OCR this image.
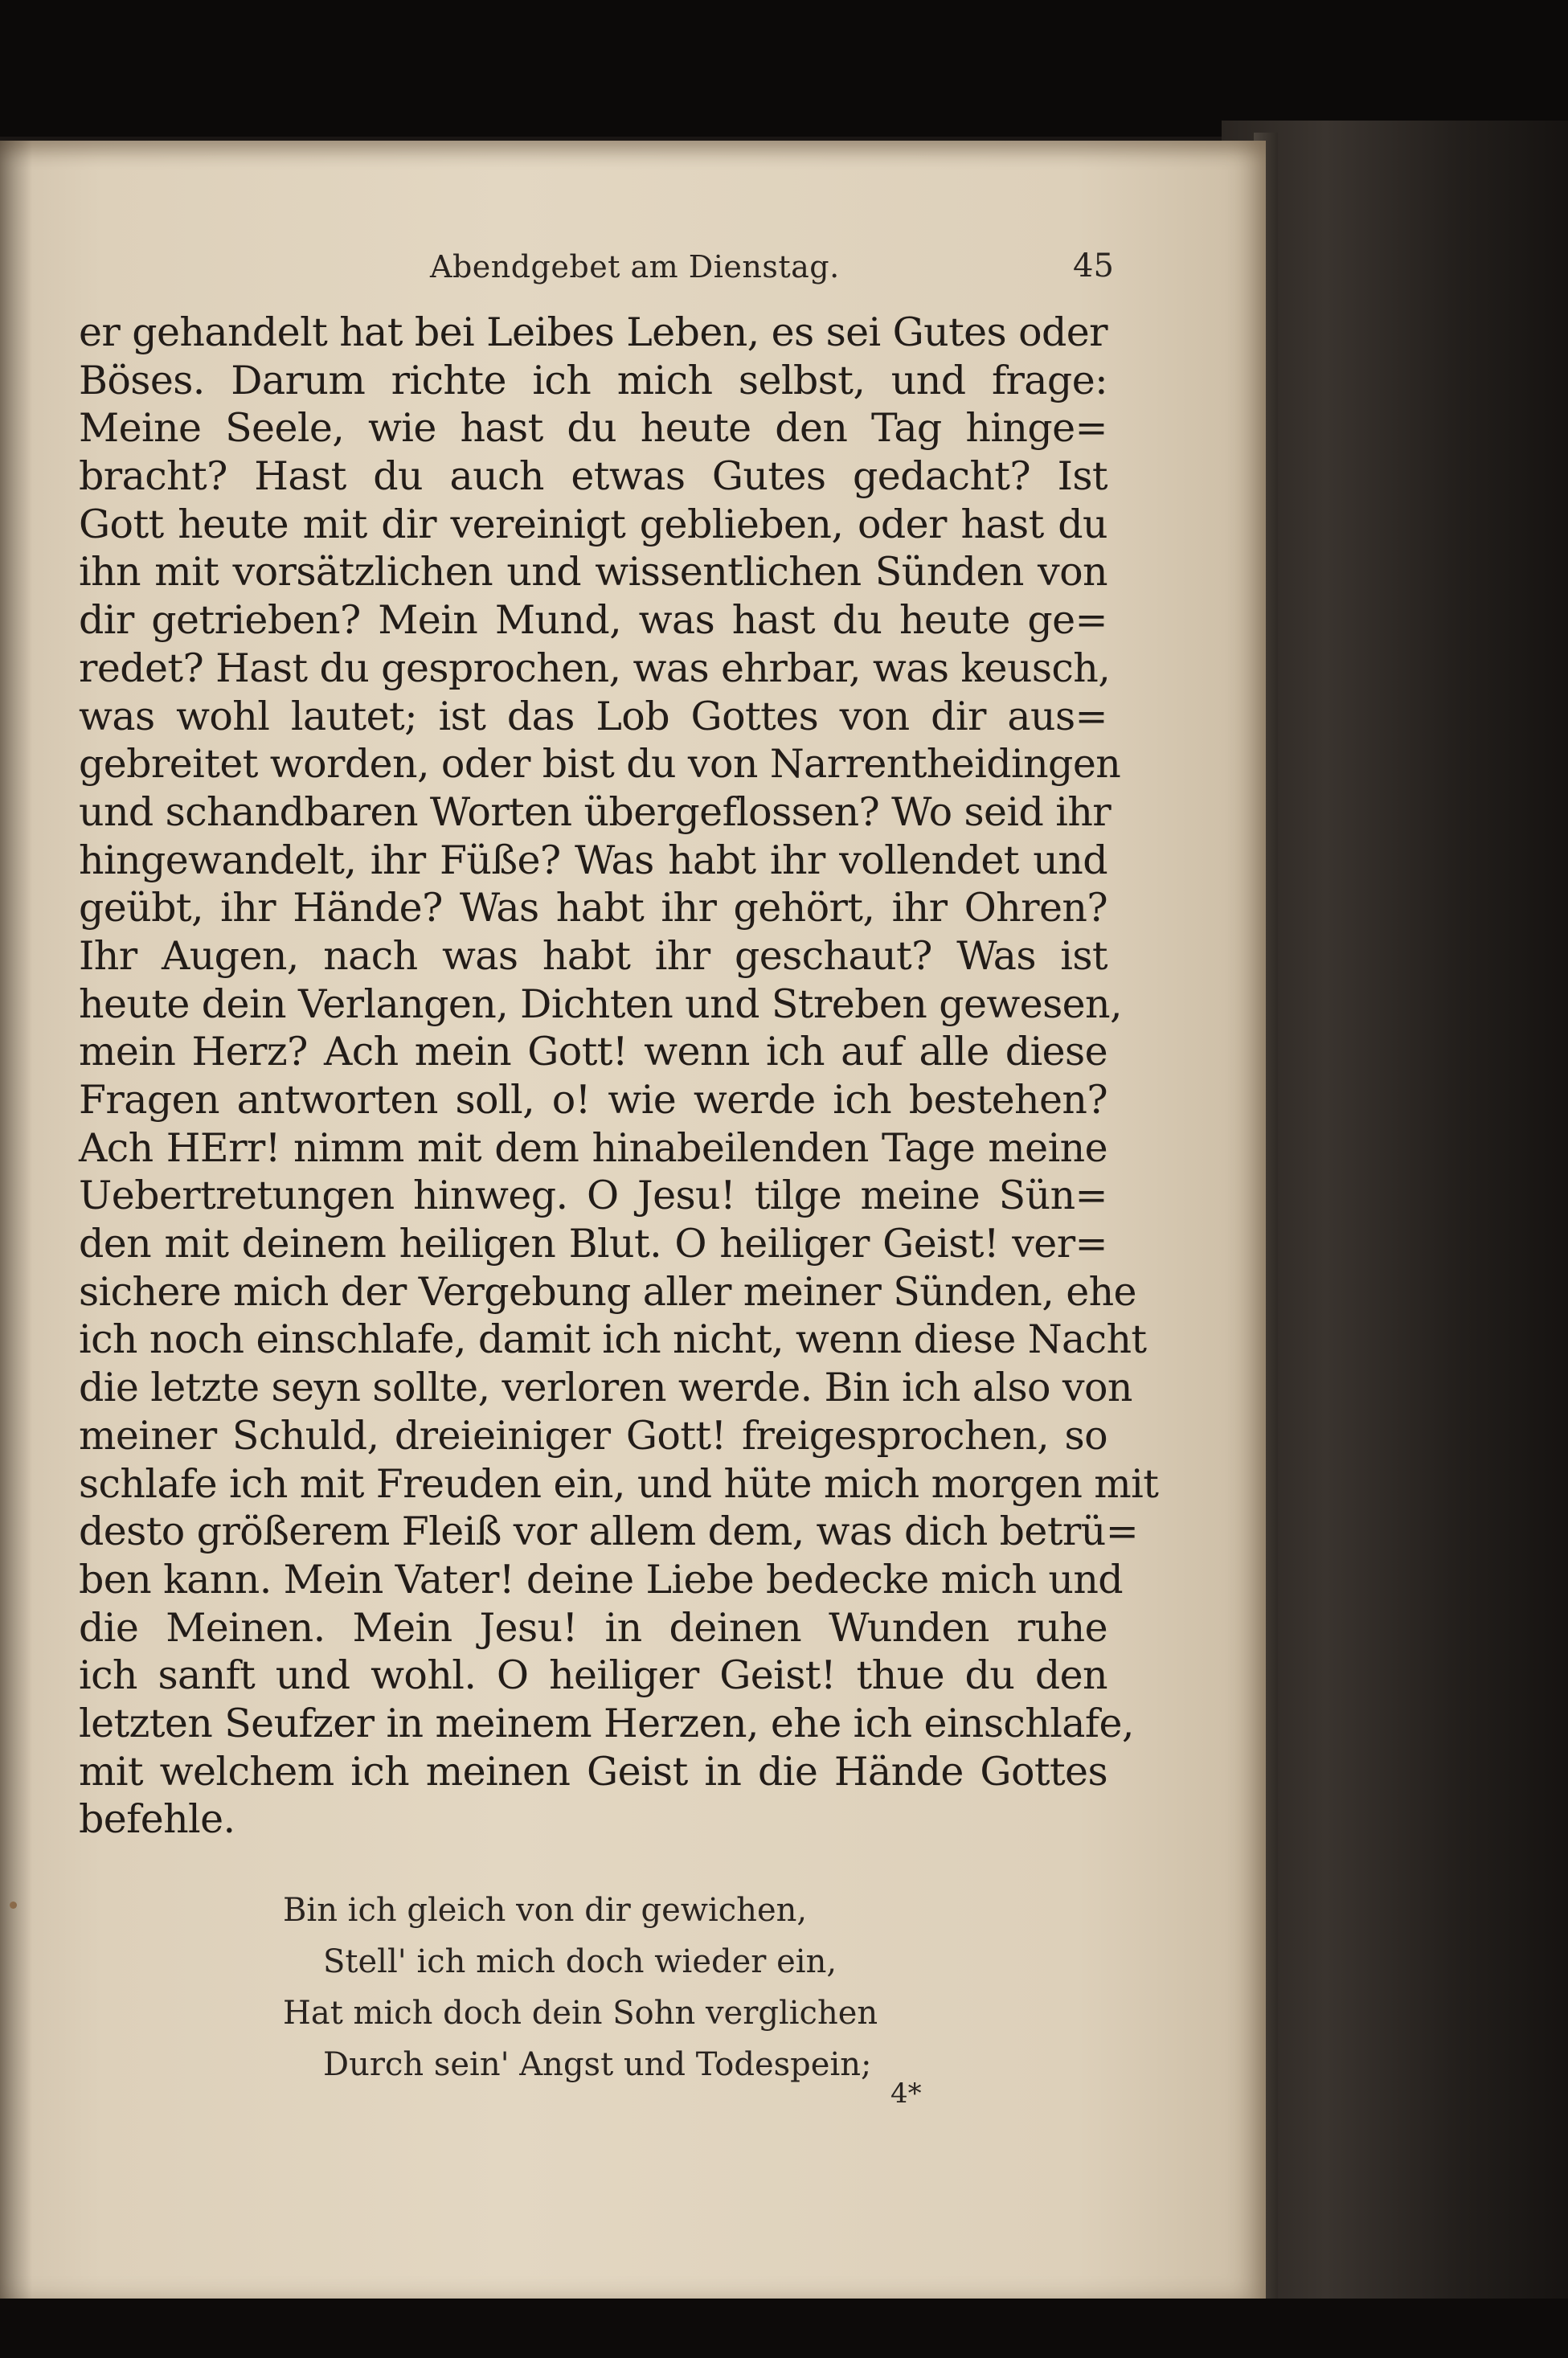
Abendgebet am Dienstag.	45
er gehandelt hat bei Leibes Leben, es sei Gutes oder
Böses. Darum richte ich mich selbst, und frage:
Meine Seele, wie hast du heute den Tag hinge=
bracht? Hast du auch etwas Gutes gedacht? Ist
Gott heute mit dir vereinigt geblieben, oder hast du
ihn mit vorsätzlichen und wissentlichen Sünden von
dir getrieben? Mein Mund, was hast du heute ge=
redet? Hast du gesprochen, was ehrbar, was keusch,
was wohl lautet; ist das Lob Gottes von dir aus=
gebreitet worden, oder bist du von Narrentheidingen
und schandbaren Worten übergeflossen? Wo seid ihr
hingewandelt, ihr Füße? Was habt ihr vollendet und
geübt, ihr Hände? Was habt ihr gehört, ihr Ohren?
Ihr Augen, nach was habt ihr geschaut? Was ist
heute dein Verlangen, Dichten und Streben gewesen,
mein Herz? Ach mein Gott! wenn ich auf alle diese
Fragen antworten soll, o! wie werde ich bestehen?
Ach HErr! nimm mit dem hinabeilenden Tage meine
Uebertretungen hinweg. O Jesu! tilge meine Sün=
den mit deinem heiligen Blut. O heiliger Geist! ver=
sichere mich der Vergebung aller meiner Sünden, ehe
ich noch einschlafe, damit ich nicht, wenn diese Nacht
die letzte seyn sollte, verloren werde. Bin ich also von
meiner Schuld, dreieiniger Gott! freigesprochen, so
schlafe ich mit Freuden ein, und hüte mich morgen mit
desto größerem Fleiß vor allem dem, was dich betrü=
ben kann. Mein Vater! deine Liebe bedecke mich und
die Meinen. Mein Jesu! in deinen Wunden ruhe
ich sanft und wohl. O heiliger Geist! thue du den
letzten Seufzer in meinem Herzen, ehe ich einschlafe,
mit welchem ich meinen Geist in die Hände Gottes
befehle.
Bin ich gleich von dir gewichen,
Stell' ich mich doch wieder ein,
Hat mich doch dein Sohn verglichen
Durch sein' Angst und Todespein;
4*
